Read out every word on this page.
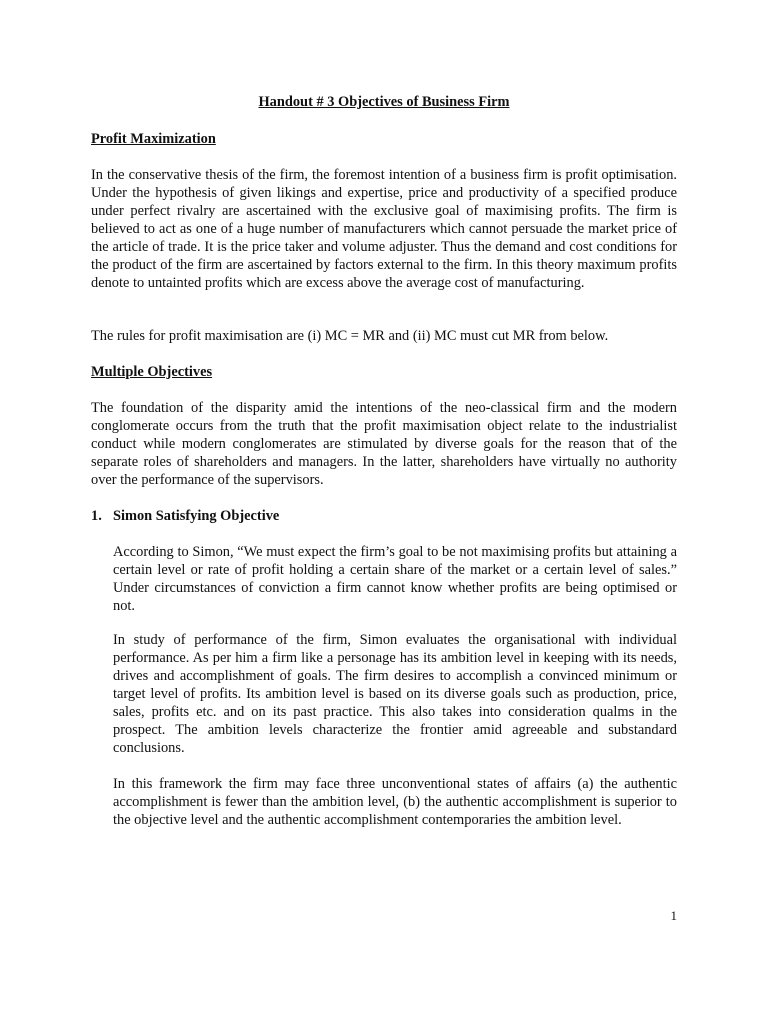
Handout # 3 Objectives of Business Firm
Profit Maximization

In the conservative thesis of the firm, the foremost intention of a business firm is profit optimisation. Under the hypothesis of given likings and expertise, price and productivity of a specified produce under perfect rivalry are ascertained with the exclusive goal of maximising profits. The firm is believed to act as one of a huge number of manufacturers which cannot persuade the market price of the article of trade. It is the price taker and volume adjuster. Thus the demand and cost conditions for the product of the firm are ascertained by factors external to the firm. In this theory maximum profits denote to untainted profits which are excess above the average cost of manufacturing.

The rules for profit maximisation are (i) MC = MR and (ii) MC must cut MR from below.

Multiple Objectives

The foundation of the disparity amid the intentions of the neo-classical firm and the modern conglomerate occurs from the truth that the profit maximisation object relate to the industrialist conduct while modern conglomerates are stimulated by diverse goals for the reason that of the separate roles of shareholders and managers. In the latter, shareholders have virtually no authority over the performance of the supervisors.

1. Simon Satisfying Objective

According to Simon, “We must expect the firm’s goal to be not maximising profits but attaining a certain level or rate of profit holding a certain share of the market or a certain level of sales.” Under circumstances of conviction a firm cannot know whether profits are being optimised or not.

In study of performance of the firm, Simon evaluates the organisational with individual performance. As per him a firm like a personage has its ambition level in keeping with its needs, drives and accomplishment of goals. The firm desires to accomplish a convinced minimum or target level of profits. Its ambition level is based on its diverse goals such as production, price, sales, profits etc. and on its past practice. This also takes into consideration qualms in the prospect. The ambition levels characterize the frontier amid agreeable and substandard conclusions.

In this framework the firm may face three unconventional states of affairs (a) the authentic accomplishment is fewer than the ambition level, (b) the authentic accomplishment is superior to the objective level and the authentic accomplishment contemporaries the ambition level.

1
